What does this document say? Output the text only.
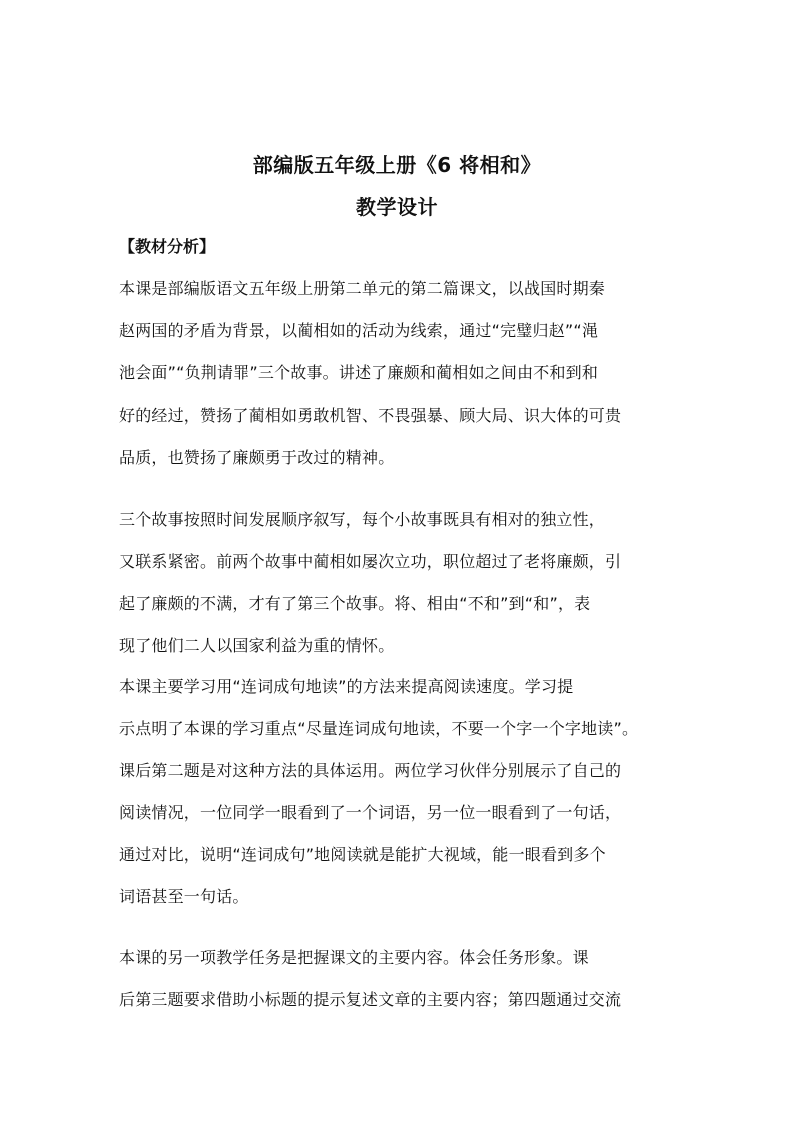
部编版五年级上册《6 将相和》
教学设计
【教材分析】
本课是部编版语文五年级上册第二单元的第二篇课文，以战国时期秦
赵两国的矛盾为背景，以蔺相如的活动为线索，通过“完璧归赵”“渑
池会面”“负荆请罪”三个故事。讲述了廉颇和蔺相如之间由不和到和
好的经过，赞扬了蔺相如勇敢机智、不畏强暴、顾大局、识大体的可贵
品质，也赞扬了廉颇勇于改过的精神。
三个故事按照时间发展顺序叙写，每个小故事既具有相对的独立性，
又联系紧密。前两个故事中蔺相如屡次立功，职位超过了老将廉颇，引
起了廉颇的不满，才有了第三个故事。将、相由“不和”到“和”，表
现了他们二人以国家利益为重的情怀。
本课主要学习用“连词成句地读”的方法来提高阅读速度。学习提
示点明了本课的学习重点“尽量连词成句地读，不要一个字一个字地读”。
课后第二题是对这种方法的具体运用。两位学习伙伴分别展示了自己的
阅读情况，一位同学一眼看到了一个词语，另一位一眼看到了一句话，
通过对比，说明“连词成句”地阅读就是能扩大视域，能一眼看到多个
词语甚至一句话。
本课的另一项教学任务是把握课文的主要内容。体会任务形象。课
后第三题要求借助小标题的提示复述文章的主要内容；第四题通过交流
